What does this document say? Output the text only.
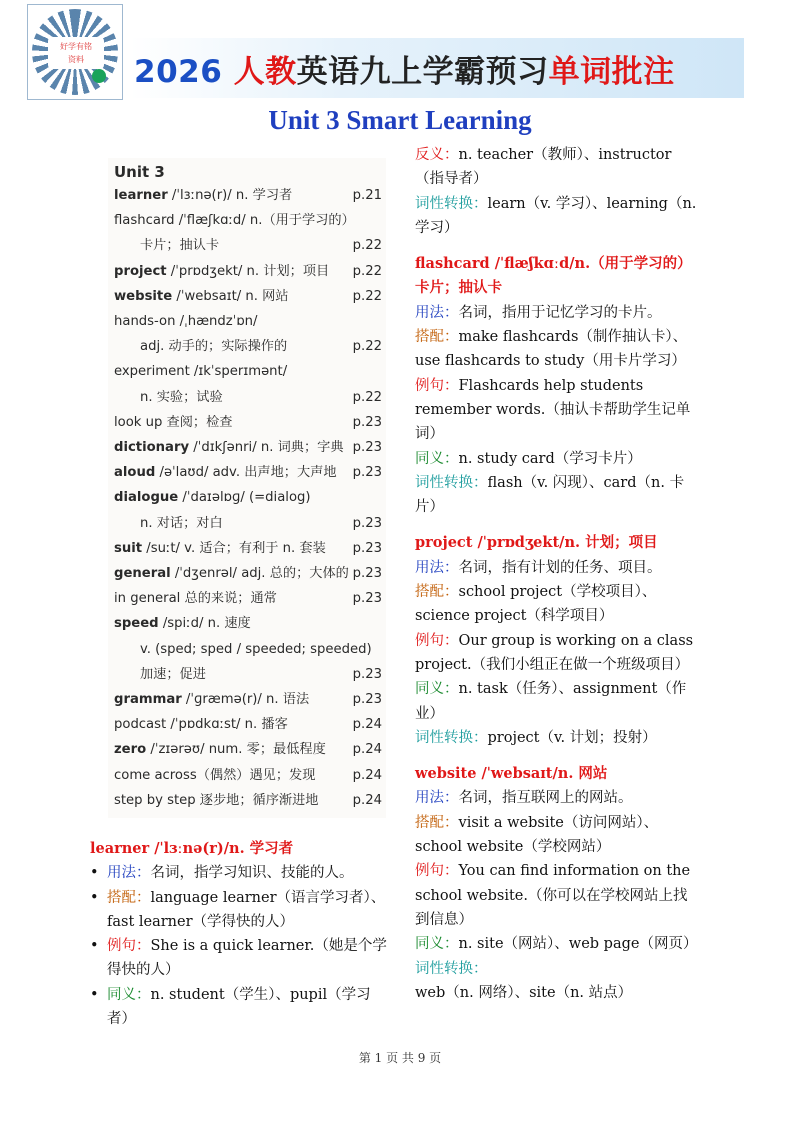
好学有铭
资料	2026 人教英语九上学霸预习单词批注
Unit 3 Smart Learning
Unit 3
learner /ˈlɜːnə(r)/ n. 学习者	p.21
flashcard /ˈflæʃkɑːd/ n.（用于学习的）
卡片；抽认卡	p.22
project /ˈprɒdʒekt/ n. 计划；项目 p.22
website /ˈwebsaɪt/ n. 网站	p.22
hands-on /ˌhændzˈɒn/
adj. 动手的；实际操作的	p.22
experiment /ɪkˈsperɪmənt/
n. 实验；试验	p.22
look up 查阅；检查	p.23
dictionary /ˈdɪkʃənri/ n. 词典；字典 p.23
aloud /əˈlaʊd/ adv. 出声地；大声地 p.23
dialogue /ˈdaɪəlɒɡ/ (=dialog)
n. 对话；对白	p.23
suit /suːt/ v. 适合；有利于 n. 套装 p.23
general /ˈdʒenrəl/ adj. 总的；大体的 p.23
in general 总的来说；通常	p.23
speed /spiːd/ n. 速度
v. (sped; sped / speeded; speeded)
加速；促进	p.23
grammar /ˈɡræmə(r)/ n. 语法	p.23
podcast /ˈpɒdkɑːst/ n. 播客	p.24
zero /ˈzɪərəʊ/ num. 零；最低程度 p.24
come across（偶然）遇见；发现	p.24
step by step 逐步地；循序渐进地	p.24

learner /ˈlɜːnə(r)/n. 学习者

• 用法：名词，指学习知识、技能的人。

• 搭配：language learner（语言学习者）、fast learner（学得快的人）

• 例句：She is a quick learner.（她是个学得快的人）

• 同义：n. student（学生）、pupil（学习者）

反义：n. teacher（教师）、instructor（指导者）

词性转换：learn（v. 学习）、learning（n. 学习）

flashcard /ˈflæʃkɑːd/n.（用于学习的）卡片；抽认卡

用法：名词，指用于记忆学习的卡片。

搭配：make flashcards（制作抽认卡）、use flashcards to study（用卡片学习）

例句：Flashcards help students remember words.（抽认卡帮助学生记单词）

同义：n. study card（学习卡片）

词性转换：flash（v. 闪现）、card（n. 卡片）

project /ˈprɒdʒekt/n. 计划；项目

用法：名词，指有计划的任务、项目。

搭配：school project（学校项目）、science project（科学项目）

例句：Our group is working on a class project.（我们小组正在做一个班级项目）

同义：n. task（任务）、assignment（作业）

词性转换：project（v. 计划；投射）

website /ˈwebsaɪt/n. 网站

用法：名词，指互联网上的网站。

搭配：visit a website（访问网站）、school website（学校网站）

例句：You can find information on the school website.（你可以在学校网站上找到信息）

同义：n. site（网站）、web page（网页）

词性转换：web（n. 网络）、site（n. 站点）

第 1 页 共 9 页
